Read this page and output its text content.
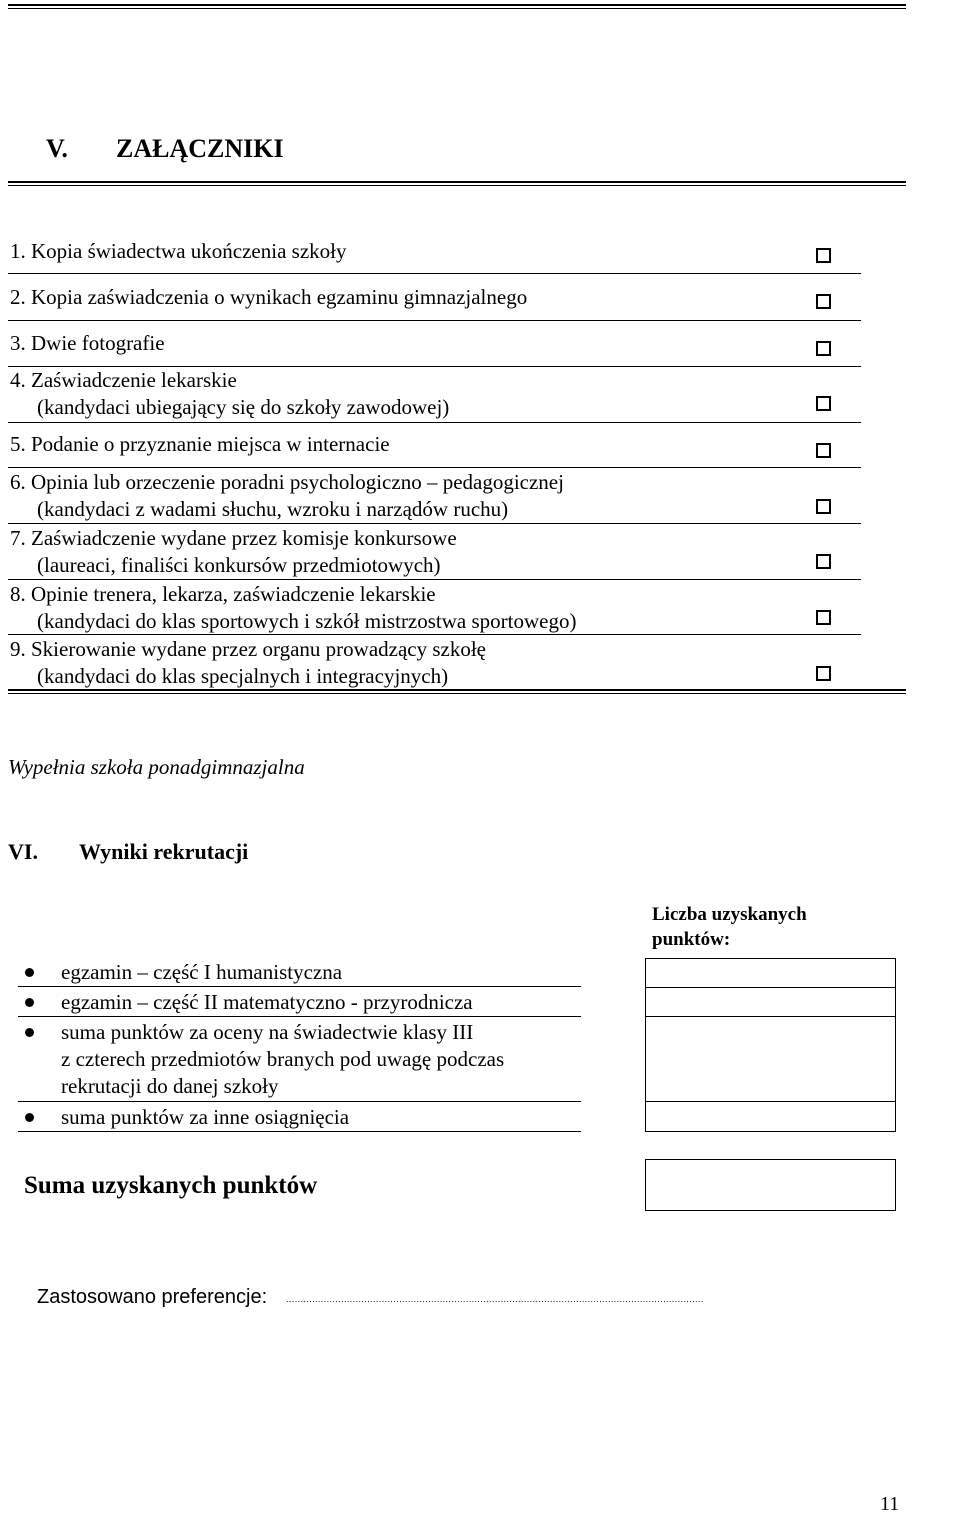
V. ZAŁĄCZNIKI
1. Kopia świadectwa ukończenia szkoły
2. Kopia zaświadczenia o wynikach egzaminu gimnazjalnego
3. Dwie fotografie
4. Zaświadczenie lekarskie
(kandydaci ubiegający się do szkoły zawodowej)
5. Podanie o przyznanie miejsca w internacie
6. Opinia lub orzeczenie poradni psychologiczno – pedagogicznej
(kandydaci z wadami słuchu, wzroku i narządów ruchu)
7. Zaświadczenie wydane przez komisje konkursowe
(laureaci, finaliści konkursów przedmiotowych)
8. Opinie trenera, lekarza, zaświadczenie lekarskie
(kandydaci do klas sportowych i szkół mistrzostwa sportowego)
9. Skierowanie wydane przez organu prowadzący szkołę
(kandydaci do klas specjalnych i integracyjnych)
Wypełnia szkoła ponadgimnazjalna
VI. Wyniki rekrutacji
Liczba uzyskanych
punktów:
egzamin – część I humanistyczna
egzamin – część II matematyczno - przyrodnicza
suma punktów za oceny na świadectwie klasy III
z czterech przedmiotów branych pod uwagę podczas
rekrutacji do danej szkoły
suma punktów za inne osiągnięcia
Suma uzyskanych punktów
Zastosowano preferencje: ................................................................................................................................................
11
